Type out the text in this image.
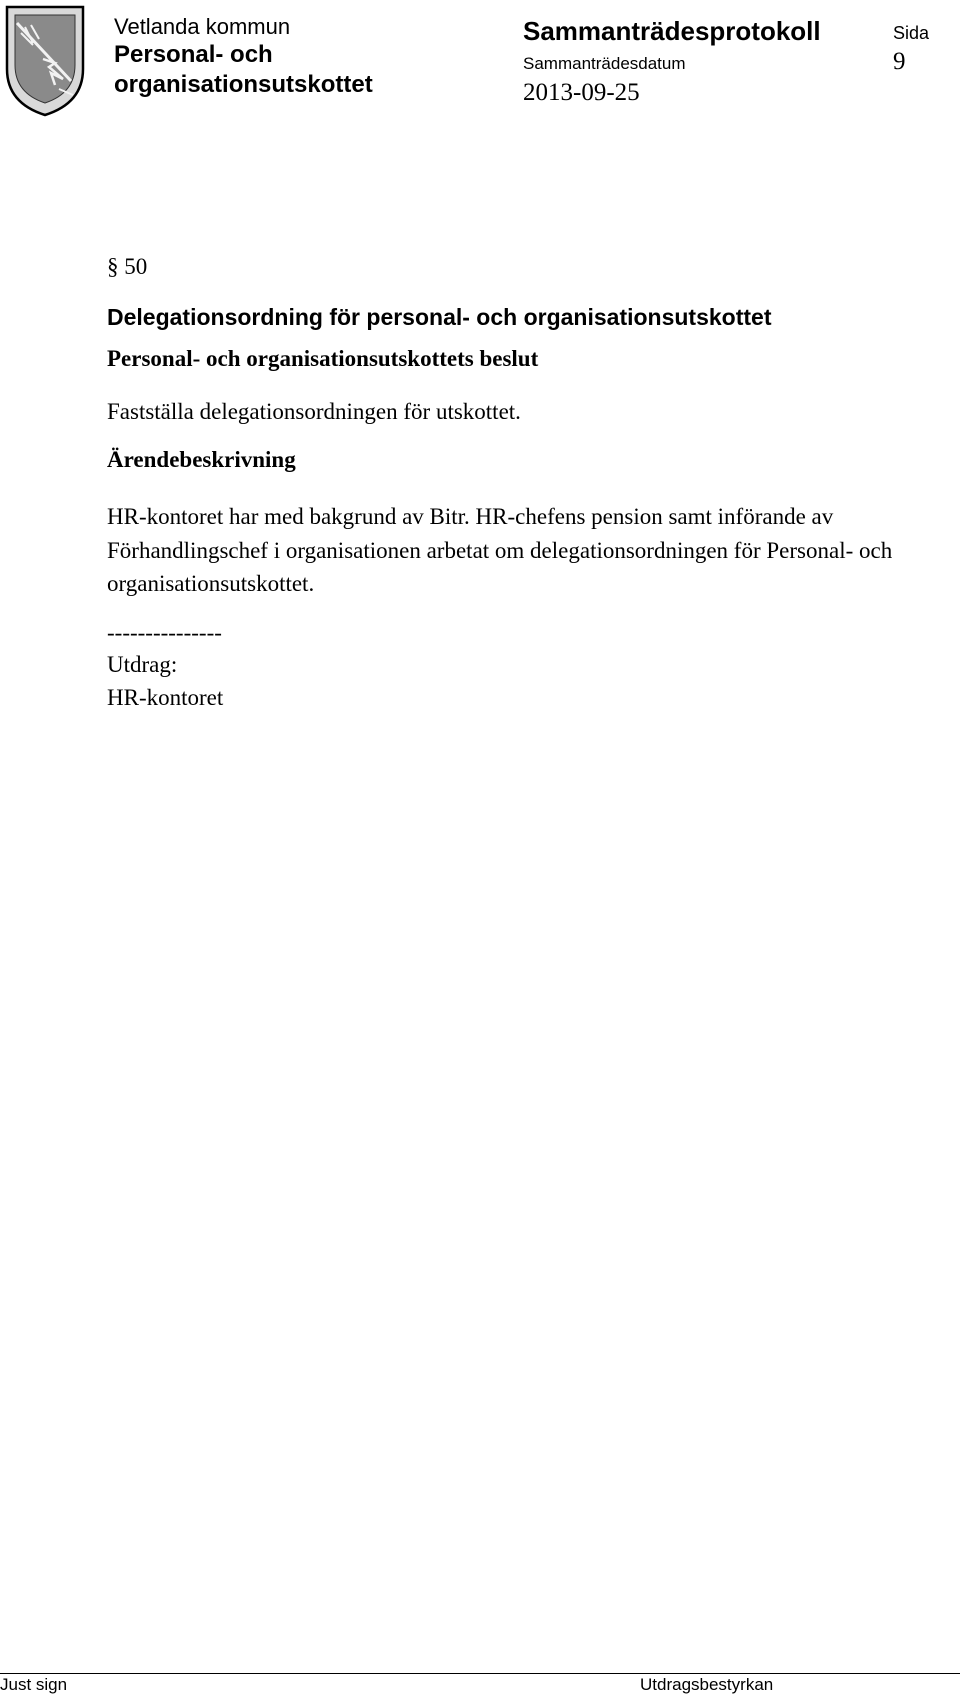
Vetlanda kommun
Personal- och
organisationsutskottet
Sammanträdesprotokoll
Sammanträdesdatum
2013-09-25
Sida
9
§ 50
Delegationsordning för personal- och organisationsutskottet
Personal- och organisationsutskottets beslut
Fastställa delegationsordningen för utskottet.
Ärendebeskrivning
HR-kontoret har med bakgrund av Bitr. HR-chefens pension samt införande av Förhandlingschef i organisationen arbetat om delegationsordningen för Personal- och organisationsutskottet.
---------------
Utdrag:
HR-kontoret
Just sign	Utdragsbestyrkan
